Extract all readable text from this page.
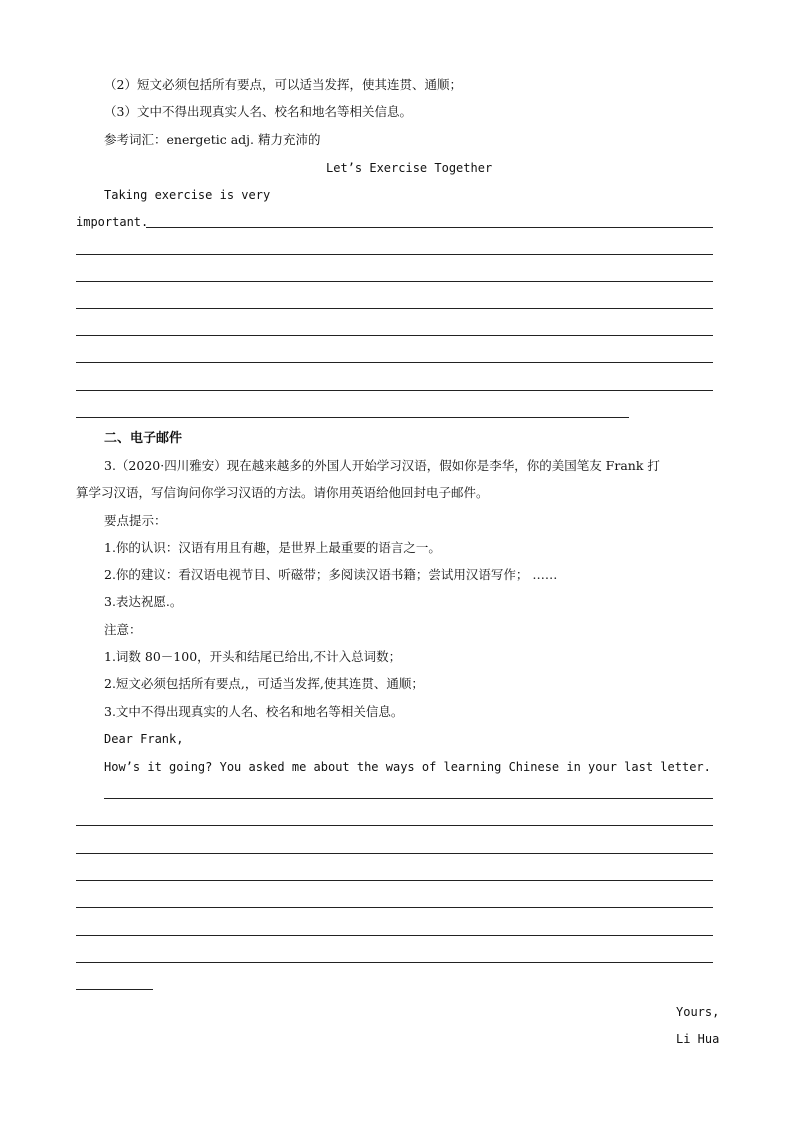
（2）短文必须包括所有要点，可以适当发挥，使其连贯、通顺；
（3）文中不得出现真实人名、校名和地名等相关信息。
参考词汇：energetic adj. 精力充沛的
Let’s Exercise Together
Taking exercise is very
important.
二、电子邮件
3.（2020·四川雅安）现在越来越多的外国人开始学习汉语，假如你是李华，你的美国笔友 Frank 打
算学习汉语，写信询问你学习汉语的方法。请你用英语给他回封电子邮件。
要点提示：
1.你的认识：汉语有用且有趣，是世界上最重要的语言之一。
2.你的建议：看汉语电视节目、听磁带；多阅读汉语书籍；尝试用汉语写作； ……
3.表达祝愿.。
注意：
1.词数 80－100，开头和结尾已给出,不计入总词数；
2.短文必须包括所有要点,，可适当发挥,使其连贯、通顺；
3.文中不得出现真实的人名、校名和地名等相关信息。
Dear Frank,
How’s it going? You asked me about the ways of learning Chinese in your last letter.
Yours,
Li Hua
